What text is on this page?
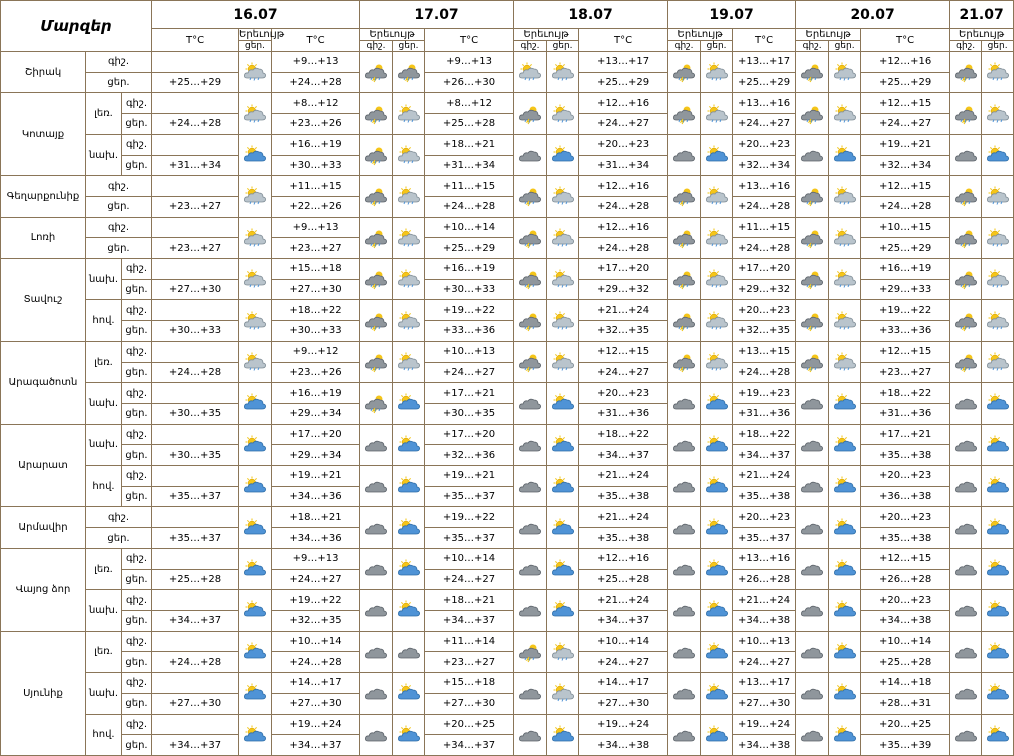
Մարզեր			16.07			17.07			18.07			19.07			20.07			21.07	
			T°C	Երեւույթ	T°C	Երեւույթ		T°C	Երեւույթ		T°C	Երեւույթ		T°C	Երեւույթ		T°C	Երեւույթ	
				ցեր.		գիշ.	ցեր.		գիշ.	ցեր.		գիշ.	ցեր.		գիշ.	ցեր.		գիշ.	ցեր.
Շիրակ	գիշ.				+9…+13			+9…+13			+13…+17			+13…+17			+12…+16		
	ցեր.		+25…+29		+24…+28			+26…+30			+25…+29			+25…+29			+25…+29		
Կոտայք	լեռ.	գիշ.			+8…+12			+8…+12			+12…+16			+13…+16			+12…+15		
		ցեր.	+24…+28		+23…+26			+25…+28			+24…+27			+24…+27			+24…+27		
	նախ.	գիշ.			+16…+19			+18…+21			+20…+23			+20…+23			+19…+21		
		ցեր.	+31…+34		+30…+33			+31…+34			+31…+34			+32…+34			+32…+34		
Գեղարքունիք	գիշ.				+11…+15			+11…+15			+12…+16			+13…+16			+12…+15		
	ցեր.		+23…+27		+22…+26			+24…+28			+24…+28			+24…+28			+24…+28		
Լոռի	գիշ.				+9…+13			+10…+14			+12…+16			+11…+15			+10…+15		
	ցեր.		+23…+27		+23…+27			+25…+29			+24…+28			+24…+28			+25…+29		
Տավուշ	նախ.	գիշ.			+15…+18			+16…+19			+17…+20			+17…+20			+16…+19		
		ցեր.	+27…+30		+27…+30			+30…+33			+29…+32			+29…+32			+29…+33		
	հով.	գիշ.			+18…+22			+19…+22			+21…+24			+20…+23			+19…+22		
		ցեր.	+30…+33		+30…+33			+33…+36			+32…+35			+32…+35			+33…+36		
Արագածոտն	լեռ.	գիշ.			+9…+12			+10…+13			+12…+15			+13…+15			+12…+15		
		ցեր.	+24…+28		+23…+26			+24…+27			+24…+27			+24…+28			+23…+27		
	նախ.	գիշ.			+16…+19			+17…+21			+20…+23			+19…+23			+18…+22		
		ցեր.	+30…+35		+29…+34			+30…+35			+31…+36			+31…+36			+31…+36		
Արարատ	նախ.	գիշ.			+17…+20			+17…+20			+18…+22			+18…+22			+17…+21		
		ցեր.	+30…+35		+29…+34			+32…+36			+34…+37			+34…+37			+35…+38		
	հով.	գիշ.			+19…+21			+19…+21			+21…+24			+21…+24			+20…+23		
		ցեր.	+35…+37		+34…+36			+35…+37			+35…+38			+35…+38			+36…+38		
Արմավիր	գիշ.				+18…+21			+19…+22			+21…+24			+20…+23			+20…+23		
	ցեր.		+35…+37		+34…+36			+35…+37			+35…+38			+35…+37			+35…+38		
Վայոց ձոր	լեռ.	գիշ.			+9…+13			+10…+14			+12…+16			+13…+16			+12…+15		
		ցեր.	+25…+28		+24…+27			+24…+27			+25…+28			+26…+28			+26…+28		
	նախ.	գիշ.			+19…+22			+18…+21			+21…+24			+21…+24			+20…+23		
		ցեր.	+34…+37		+32…+35			+34…+37			+34…+37			+34…+38			+34…+38		
Սյունիք	լեռ.	գիշ.			+10…+14			+11…+14			+10…+14			+10…+13			+10…+14		
		ցեր.	+24…+28		+24…+28			+23…+27			+24…+27			+24…+27			+25…+28		
	նախ.	գիշ.			+14…+17			+15…+18			+14…+17			+13…+17			+14…+18		
		ցեր.	+27…+30		+27…+30			+27…+30			+27…+30			+27…+30			+28…+31		
	հով.	գիշ.			+19…+24			+20…+25			+19…+24			+19…+24			+20…+25		
		ցեր.	+34…+37		+34…+37			+34…+37			+34…+38			+34…+38			+35…+39		
